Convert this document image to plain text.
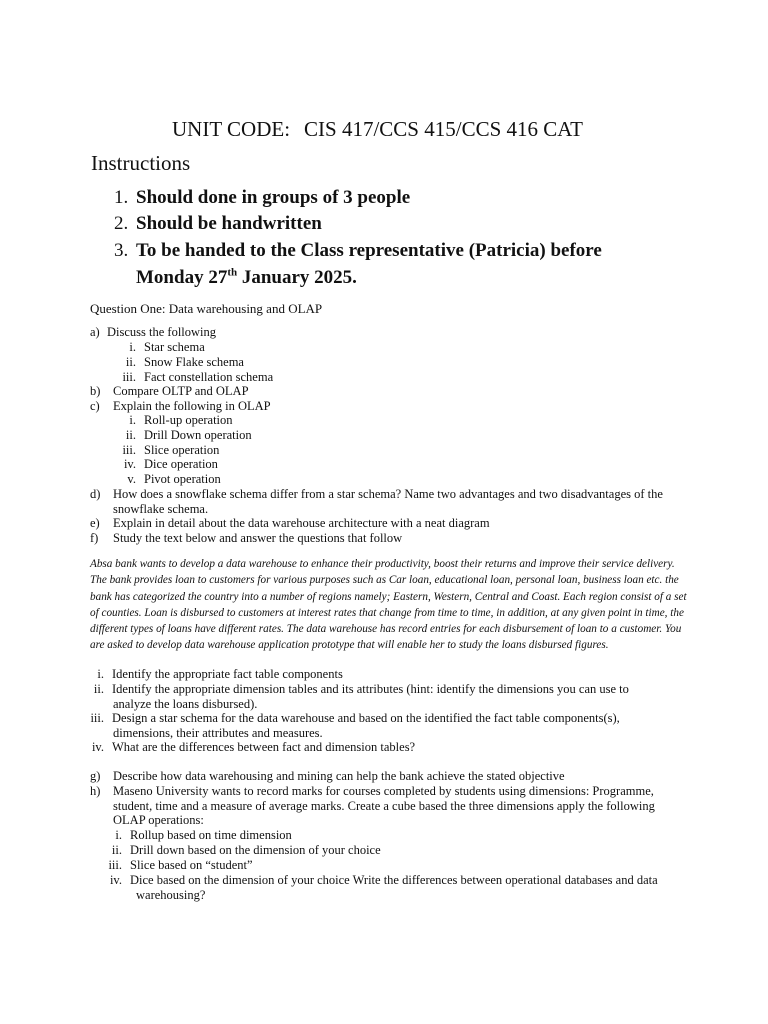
UNIT CODE: CIS 417/CCS 415/CCS 416 CAT
Instructions
1. Should done in groups of 3 people
2. Should be handwritten
3. To be handed to the Class representative (Patricia) before
Monday 27th January 2025.
Question One: Data warehousing and OLAP
a) Discuss the following
i. Star schema
ii. Snow Flake schema
iii. Fact constellation schema
b) Compare OLTP and OLAP
c) Explain the following in OLAP
i. Roll-up operation
ii. Drill Down operation
iii. Slice operation
iv. Dice operation
v. Pivot operation
d) How does a snowflake schema differ from a star schema? Name two advantages and two disadvantages of the
snowflake schema.
e) Explain in detail about the data warehouse architecture with a neat diagram
f) Study the text below and answer the questions that follow
Absa bank wants to develop a data warehouse to enhance their productivity, boost their returns and improve their service delivery. The bank provides loan to customers for various purposes such as Car loan, educational loan, personal loan, business loan etc. the bank has categorized the country into a number of regions namely; Eastern, Western, Central and Coast. Each region consist of a set of counties. Loan is disbursed to customers at interest rates that change from time to time, in addition, at any given point in time, the different types of loans have different rates. The data warehouse has record entries for each disbursement of loan to a customer. You are asked to develop data warehouse application prototype that will enable her to study the loans disbursed figures.
i. Identify the appropriate fact table components
ii. Identify the appropriate dimension tables and its attributes (hint: identify the dimensions you can use to
analyze the loans disbursed).
iii. Design a star schema for the data warehouse and based on the identified the fact table components(s),
dimensions, their attributes and measures.
iv. What are the differences between fact and dimension tables?
g) Describe how data warehousing and mining can help the bank achieve the stated objective
h) Maseno University wants to record marks for courses completed by students using dimensions: Programme,
student, time and a measure of average marks. Create a cube based the three dimensions apply the following
OLAP operations:
i. Rollup based on time dimension
ii. Drill down based on the dimension of your choice
iii. Slice based on “student”
iv. Dice based on the dimension of your choice Write the differences between operational databases and data
warehousing?
